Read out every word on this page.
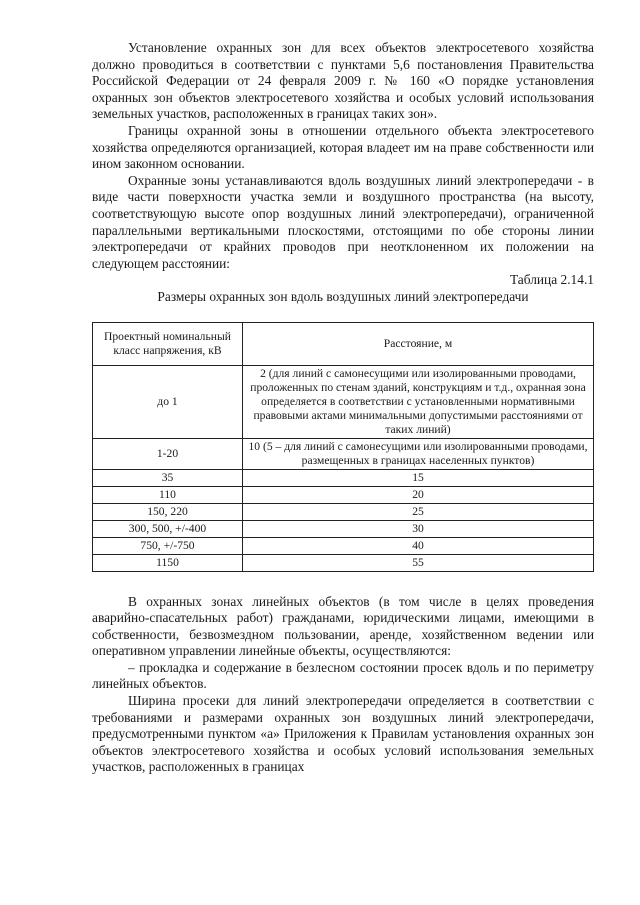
Установление охранных зон для всех объектов электросетевого хозяйства должно проводиться в соответствии с пунктами 5,6 постановления Правительства Российской Федерации от 24 февраля 2009 г. № 160 «О порядке установления охранных зон объектов электросетевого хозяйства и особых условий использования земельных участков, расположенных в границах таких зон».

Границы охранной зоны в отношении отдельного объекта электросетевого хозяйства определяются организацией, которая владеет им на праве собственности или ином законном основании.

Охранные зоны устанавливаются вдоль воздушных линий электропередачи - в виде части поверхности участка земли и воздушного пространства (на высоту, соответствующую высоте опор воздушных линий электропередачи), ограниченной параллельными вертикальными плоскостями, отстоящими по обе стороны линии электропередачи от крайних проводов при неотклоненном их положении на следующем расстоянии:

Таблица 2.14.1

Размеры охранных зон вдоль воздушных линий электропередачи

Проектный номинальный класс напряжения, кВ	Расстояние, м
до 1	2 (для линий с самонесущими или изолированными проводами, проложенных по стенам зданий, конструкциям и т.д., охранная зона определяется в соответствии с установленными нормативными правовыми актами минимальными допустимыми расстояниями от таких линий)
1-20	10 (5 – для линий с самонесущими или изолированными проводами, размещенных в границах населенных пунктов)
35	15
110	20
150, 220	25
300, 500, +/-400	30
750, +/-750	40
1150	55

В охранных зонах линейных объектов (в том числе в целях проведения аварийно-спасательных работ) гражданами, юридическими лицами, имеющими в собственности, безвозмездном пользовании, аренде, хозяйственном ведении или оперативном управлении линейные объекты, осуществляются:

– прокладка и содержание в безлесном состоянии просек вдоль и по периметру линейных объектов.

Ширина просеки для линий электропередачи определяется в соответствии с требованиями и размерами охранных зон воздушных линий электропередачи, предусмотренными пунктом «а» Приложения к Правилам установления охранных зон объектов электросетевого хозяйства и особых условий использования земельных участков, расположенных в границах
